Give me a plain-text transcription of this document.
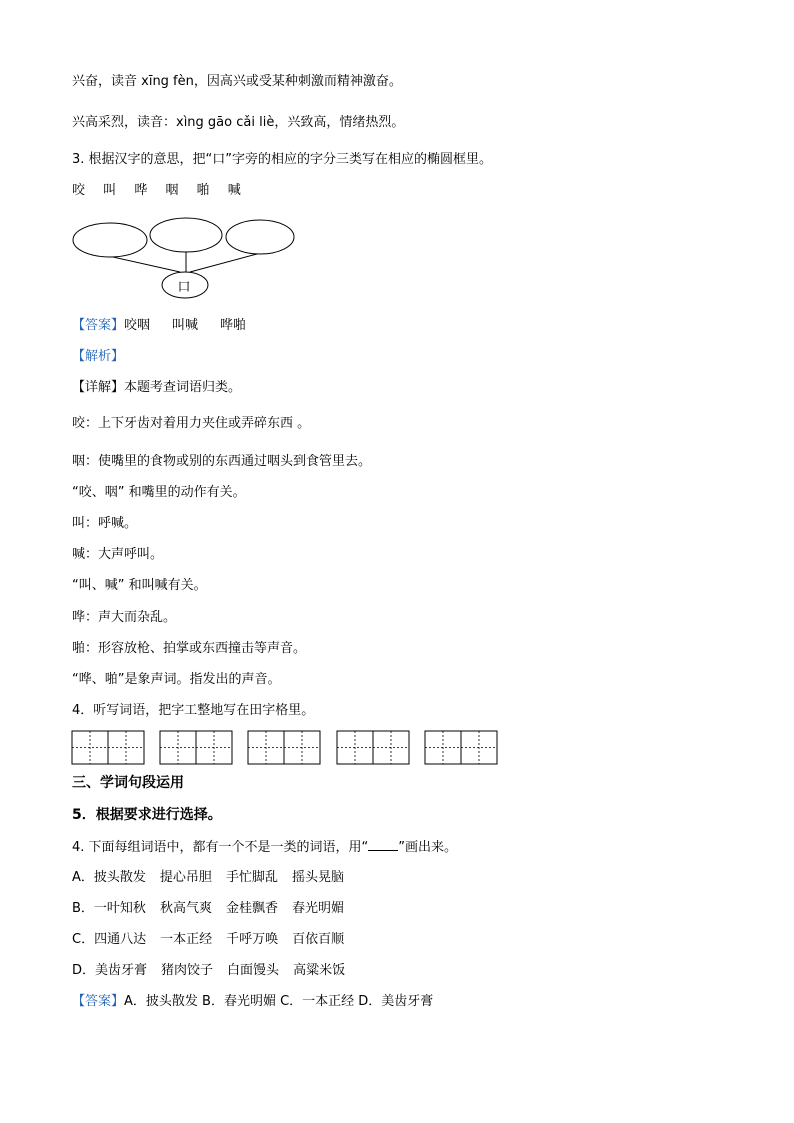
兴奋，读音 xīng fèn，因高兴或受某种刺激而精神激奋。
兴高采烈，读音：xìng gāo cǎi liè，兴致高，情绪热烈。
3. 根据汉字的意思，把“口”字旁的相应的字分三类写在相应的椭圆框里。
咬 叫 哗 咽 啪 喊
口
【答案】咬咽 叫喊 哗啪
【解析】
【详解】本题考查词语归类。
咬：上下牙齿对着用力夹住或弄碎东西 。
咽：使嘴里的食物或别的东西通过咽头到食管里去。
“咬、咽” 和嘴里的动作有关。
叫：呼喊。
喊：大声呼叫。
“叫、喊” 和叫喊有关。
哗：声大而杂乱。
啪：形容放枪、拍掌或东西撞击等声音。
“哗、啪”是象声词。指发出的声音。
4．听写词语，把字工整地写在田字格里。
三、学词句段运用
5．根据要求进行选择。
4. 下面每组词语中，都有一个不是一类的词语，用“ ”画出来。
A．披头散发 提心吊胆 手忙脚乱 摇头晃脑
B．一叶知秋 秋高气爽 金桂飘香 春光明媚
C．四通八达 一本正经 千呼万唤 百依百顺
D．美齿牙膏 猪肉饺子 白面馒头 高粱米饭
【答案】A．披头散发 B．春光明媚 C．一本正经 D．美齿牙膏
